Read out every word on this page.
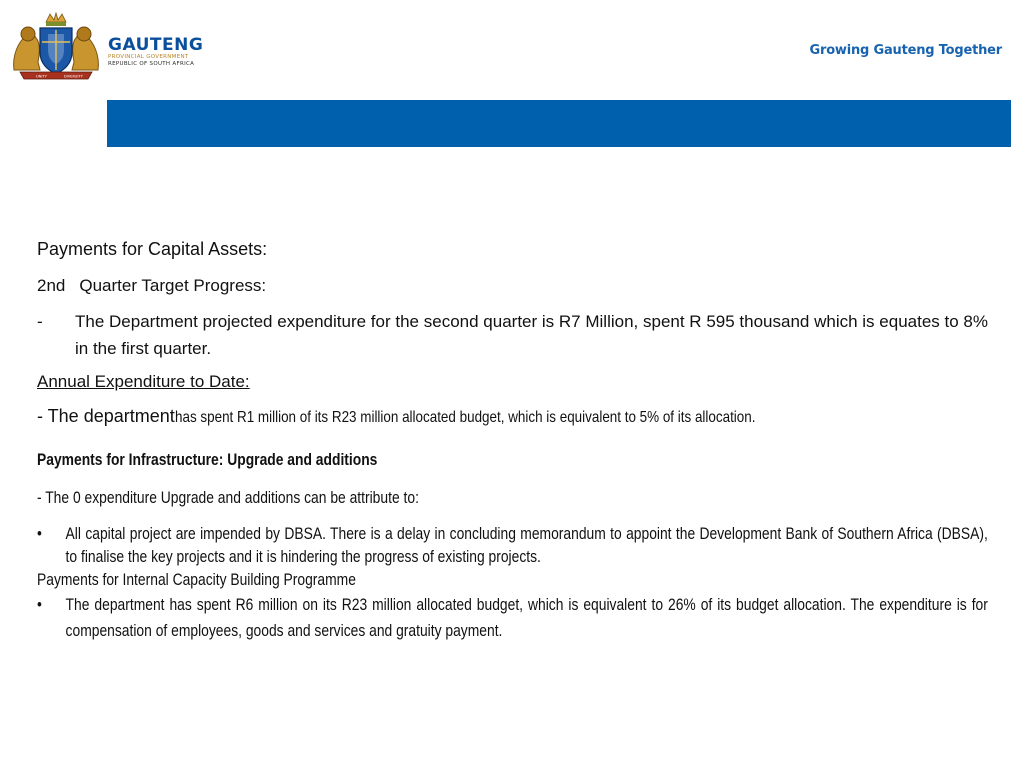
UNITY	DIVERSITY
GAUTENG
PROVINCIAL GOVERNMENT
REPUBLIC OF SOUTH AFRICA
Growing Gauteng Together

Payments for Capital Assets:

2nd Quarter Target Progress:

- The Department projected expenditure for the second quarter is R7 Million, spent R 595 thousand which is equates to 8% in the first quarter.
Annual Expenditure to Date:
- The departmenthas spent R1 million of its R23 million allocated budget, which is equivalent to 5% of its allocation.
Payments for Infrastructure: Upgrade and additions
- The 0 expenditure Upgrade and additions can be attribute to:
• All capital project are impended by DBSA. There is a delay in concluding memorandum to appoint the Development Bank of Southern Africa (DBSA), to finalise the key projects and it is hindering the progress of existing projects.
Payments for Internal Capacity Building Programme
• The department has spent R6 million on its R23 million allocated budget, which is equivalent to 26% of its budget allocation. The expenditure is for compensation of employees, goods and services and gratuity payment.
